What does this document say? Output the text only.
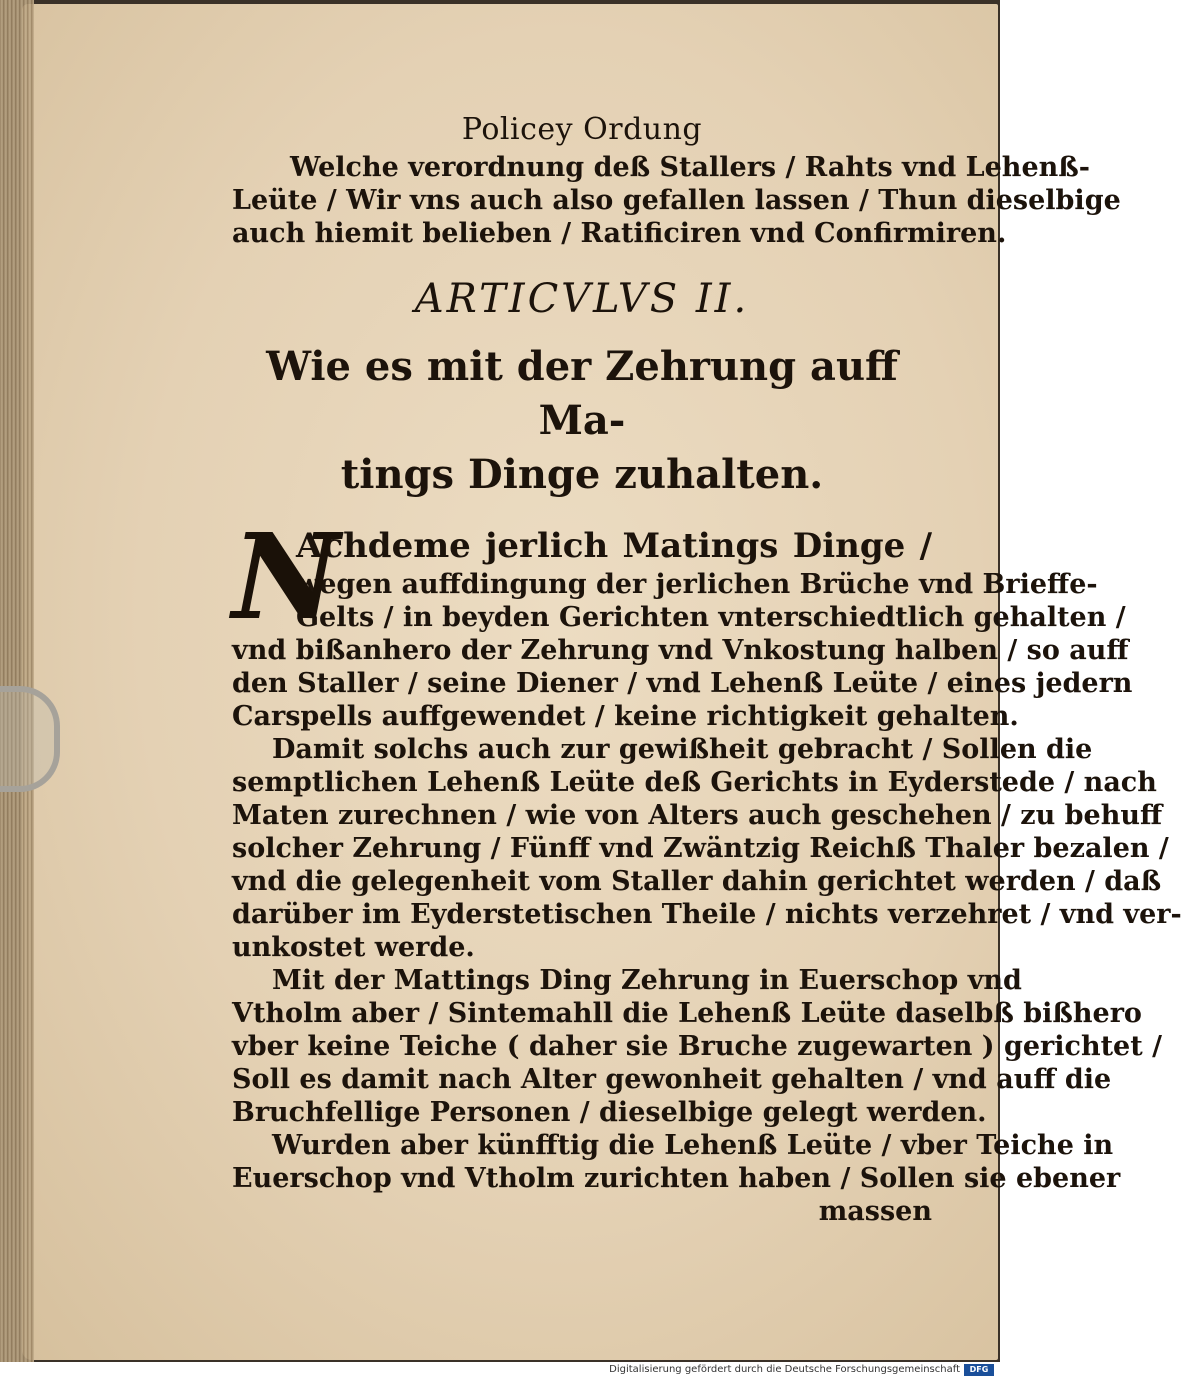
Policey Ordung
Welche verordnung deß Stallers / Rahts vnd Lehenß-
Leüte / Wir vns auch also gefallen lassen / Thun dieselbige
auch hiemit belieben / Ratificiren vnd Confirmiren.
ARTICVLVS II.
Wie es mit der Zehrung auff Ma-
tings Dinge zuhalten.
N
Achdeme jerlich Matings Dinge /
wegen auffdingung der jerlichen Brüche vnd Brieffe-
Gelts / in beyden Gerichten vnterschiedtlich gehalten /
vnd bißanhero der Zehrung vnd Vnkostung halben / so auff
den Staller / seine Diener / vnd Lehenß Leüte / eines jedern
Carspells auffgewendet / keine richtigkeit gehalten.
Damit solchs auch zur gewißheit gebracht / Sollen die
semptlichen Lehenß Leüte deß Gerichts in Eyderstede / nach
Maten zurechnen / wie von Alters auch geschehen / zu behuff
solcher Zehrung / Fünff vnd Zwäntzig Reichß Thaler bezalen /
vnd die gelegenheit vom Staller dahin gerichtet werden / daß
darüber im Eyderstetischen Theile / nichts verzehret / vnd ver-
unkostet werde.
Mit der Mattings Ding Zehrung in Euerschop vnd
Vtholm aber / Sintemahll die Lehenß Leüte daselbß bißhero
vber keine Teiche ( daher sie Bruche zugewarten ) gerichtet /
Soll es damit nach Alter gewonheit gehalten / vnd auff die
Bruchfellige Personen / dieselbige gelegt werden.
Wurden aber künfftig die Lehenß Leüte / vber Teiche in
Euerschop vnd Vtholm zurichten haben / Sollen sie ebener
massen
Digitalisierung gefördert durch die Deutsche Forschungsgemeinschaft	DFG
